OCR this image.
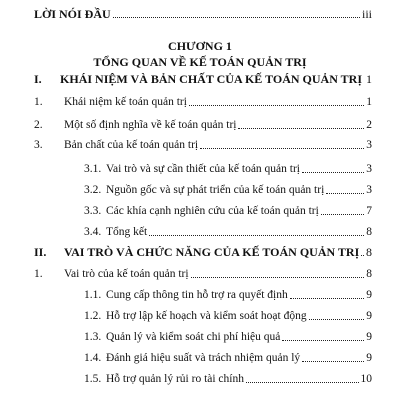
LỜI NÓI ĐẦU	iii
CHƯƠNG 1
TỔNG QUAN VỀ KẾ TOÁN QUẢN TRỊ
I.	KHÁI NIỆM VÀ BẢN CHẤT CỦA KẾ TOÁN QUẢN TRỊ 1
1.	Khái niệm kế toán quản trị	1
2.	Một số định nghĩa về kế toán quản trị	2
3.	Bản chất của kế toán quản trị	3
3.1. Vai trò và sự cần thiết của kế toán quản trị	3
3.2. Nguồn gốc và sự phát triển của kế toán quản trị	3
3.3. Các khía cạnh nghiên cứu của kế toán quản trị	7
3.4. Tổng kết	8
II.	VAI TRÒ VÀ CHỨC NĂNG CỦA KẾ TOÁN QUẢN TRỊ 8
1.	Vai trò của kế toán quản trị	8
1.1. Cung cấp thông tin hỗ trợ ra quyết định	9
1.2. Hỗ trợ lập kế hoạch và kiểm soát hoạt động	9
1.3. Quản lý và kiểm soát chi phí hiệu quả	9
1.4. Đánh giá hiệu suất và trách nhiệm quản lý	9
1.5. Hỗ trợ quản lý rủi ro tài chính	10
